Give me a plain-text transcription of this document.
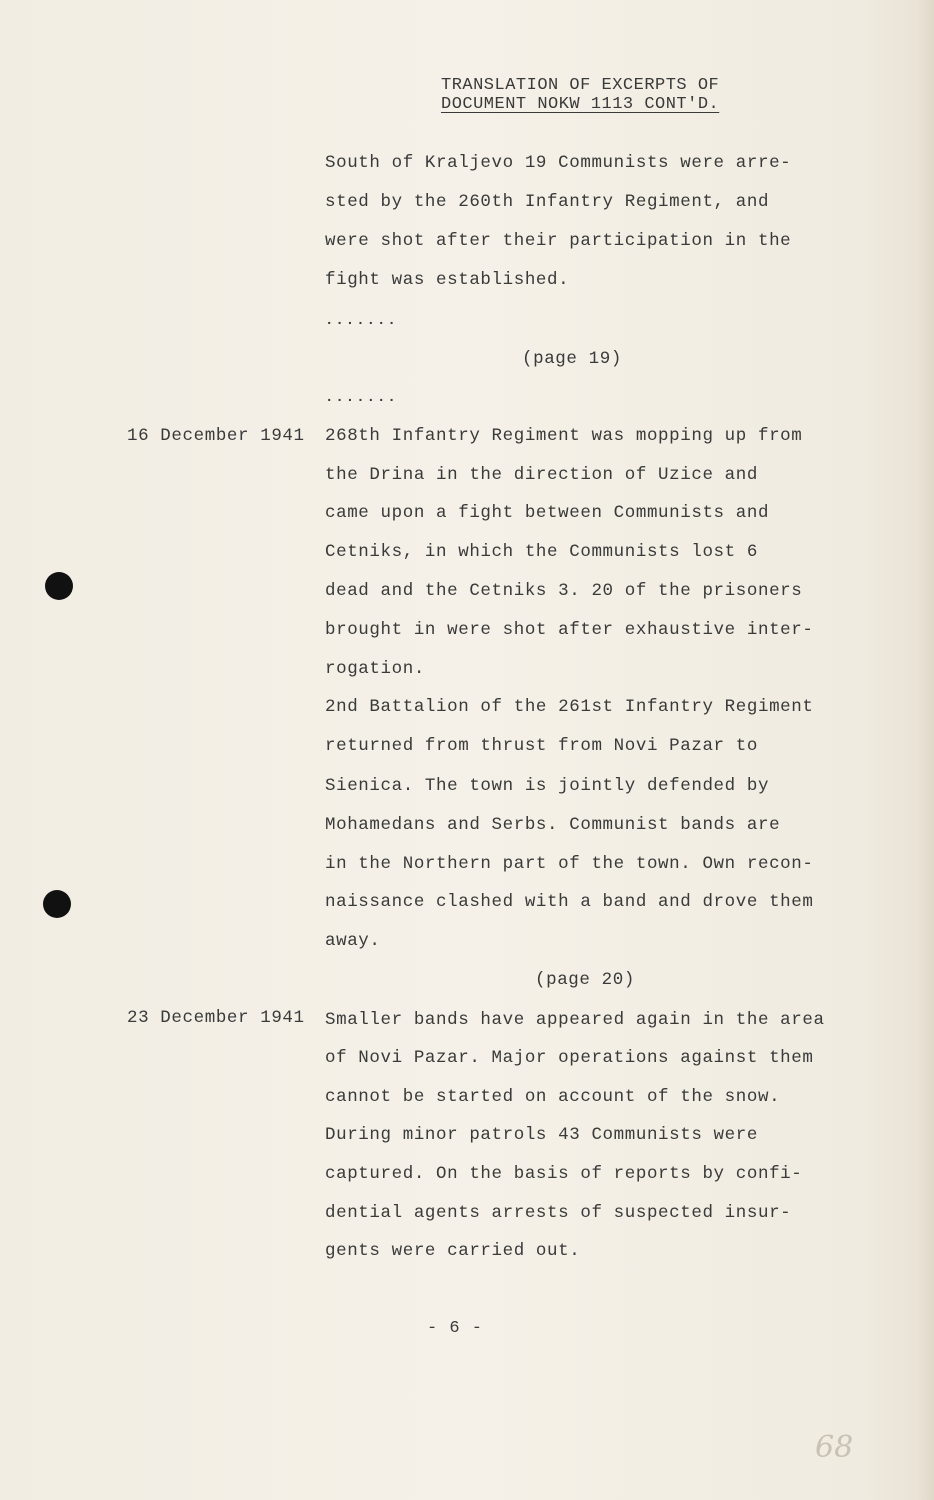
TRANSLATION OF EXCERPTS OF
DOCUMENT NOKW 1113 CONT'D.
South of Kraljevo 19 Communists were arre-
sted by the 260th Infantry Regiment, and
were shot after their participation in the
fight was established.
.......
(page 19)
.......
16 December 1941 268th Infantry Regiment was mopping up from
the Drina in the direction of Uzice and
came upon a fight between Communists and
Cetniks, in which the Communists lost 6
dead and the Cetniks 3. 20 of the prisoners
brought in were shot after exhaustive inter-
rogation.
2nd Battalion of the 261st Infantry Regiment
returned from thrust from Novi Pazar to
Sienica. The town is jointly defended by
Mohamedans and Serbs. Communist bands are
in the Northern part of the town. Own recon-
naissance clashed with a band and drove them
away.
(page 20)
23 December 1941 Smaller bands have appeared again in the area
of Novi Pazar. Major operations against them
cannot be started on account of the snow.
During minor patrols 43 Communists were
captured. On the basis of reports by confi-
dential agents arrests of suspected insur-
gents were carried out.
- 6 -
68
